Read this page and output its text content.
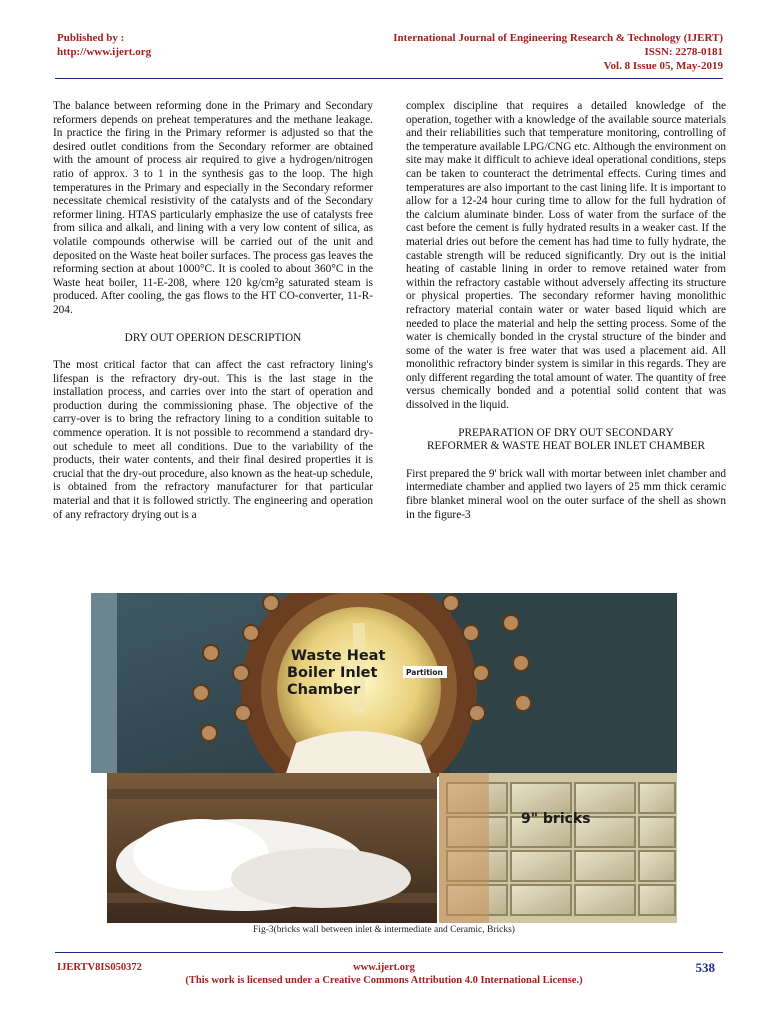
Published by :
http://www.ijert.org
International Journal of Engineering Research & Technology (IJERT)
ISSN: 2278-0181
Vol. 8 Issue 05, May-2019

The balance between reforming done in the Primary and Secondary reformers depends on preheat temperatures and the methane leakage. In practice the firing in the Primary reformer is adjusted so that the desired outlet conditions from the Secondary reformer are obtained with the amount of process air required to give a hydrogen/nitrogen ratio of approx. 3 to 1 in the synthesis gas to the loop. The high temperatures in the Primary and especially in the Secondary reformer necessitate chemical resistivity of the catalysts and of the Secondary reformer lining. HTAS particularly emphasize the use of catalysts free from silica and alkali, and lining with a very low content of silica, as volatile compounds otherwise will be carried out of the unit and deposited on the Waste heat boiler surfaces. The process gas leaves the reforming section at about 1000°C. It is cooled to about 360°C in the Waste heat boiler, 11-E-208, where 120 kg/cm²g saturated steam is produced. After cooling, the gas flows to the HT CO-converter, 11-R-204.

DRY OUT OPERION DESCRIPTION

The most critical factor that can affect the cast refractory lining's lifespan is the refractory dry-out. This is the last stage in the installation process, and carries over into the start of operation and production during the commissioning phase. The objective of the carry-over is to bring the refractory lining to a condition suitable to commence operation. It is not possible to recommend a standard dry-out schedule to meet all conditions. Due to the variability of the products, their water contents, and their final desired properties it is crucial that the dry-out procedure, also known as the heat-up schedule, is obtained from the refractory manufacturer for that particular material and that it is followed strictly. The engineering and operation of any refractory drying out is a

complex discipline that requires a detailed knowledge of the operation, together with a knowledge of the available source materials and their reliabilities such that temperature monitoring, controlling of the temperature available LPG/CNG etc. Although the environment on site may make it difficult to achieve ideal operational conditions, steps can be taken to counteract the detrimental effects. Curing times and temperatures are also important to the cast lining life. It is important to allow for a 12-24 hour curing time to allow for the full hydration of the calcium aluminate binder. Loss of water from the surface of the cast before the cement is fully hydrated results in a weaker cast. If the material dries out before the cement has had time to fully hydrate, the castable strength will be reduced significantly. Dry out is the initial heating of castable lining in order to remove retained water from within the refractory castable without adversely affecting its structure or physical properties. The secondary reformer having monolithic refractory material contain water or water based liquid which are needed to place the material and help the setting process. Some of the water is chemically bonded in the crystal structure of the binder and some of the water is free water that was used a placement aid. All monolithic refractory binder system is similar in this regards. They are only different regarding the total amount of water. The quantity of free versus chemically bonded and a potential solid content that was dissolved in the liquid.

PREPARATION OF DRY OUT SECONDARY

REFORMER & WASTE HEAT BOLER INLET CHAMBER

First prepared the 9' brick wall with mortar between inlet chamber and intermediate chamber and applied two layers of 25 mm thick ceramic fibre blanket mineral wool on the outer surface of the shell as shown in the figure-3

Waste Heat
Boiler Inlet
Chamber
Partition
9" bricks
Fig-3(bricks wall between inlet & intermediate and Ceramic, Bricks)
IJERTV8IS050372	www.ijert.org	538
(This work is licensed under a Creative Commons Attribution 4.0 International License.)
